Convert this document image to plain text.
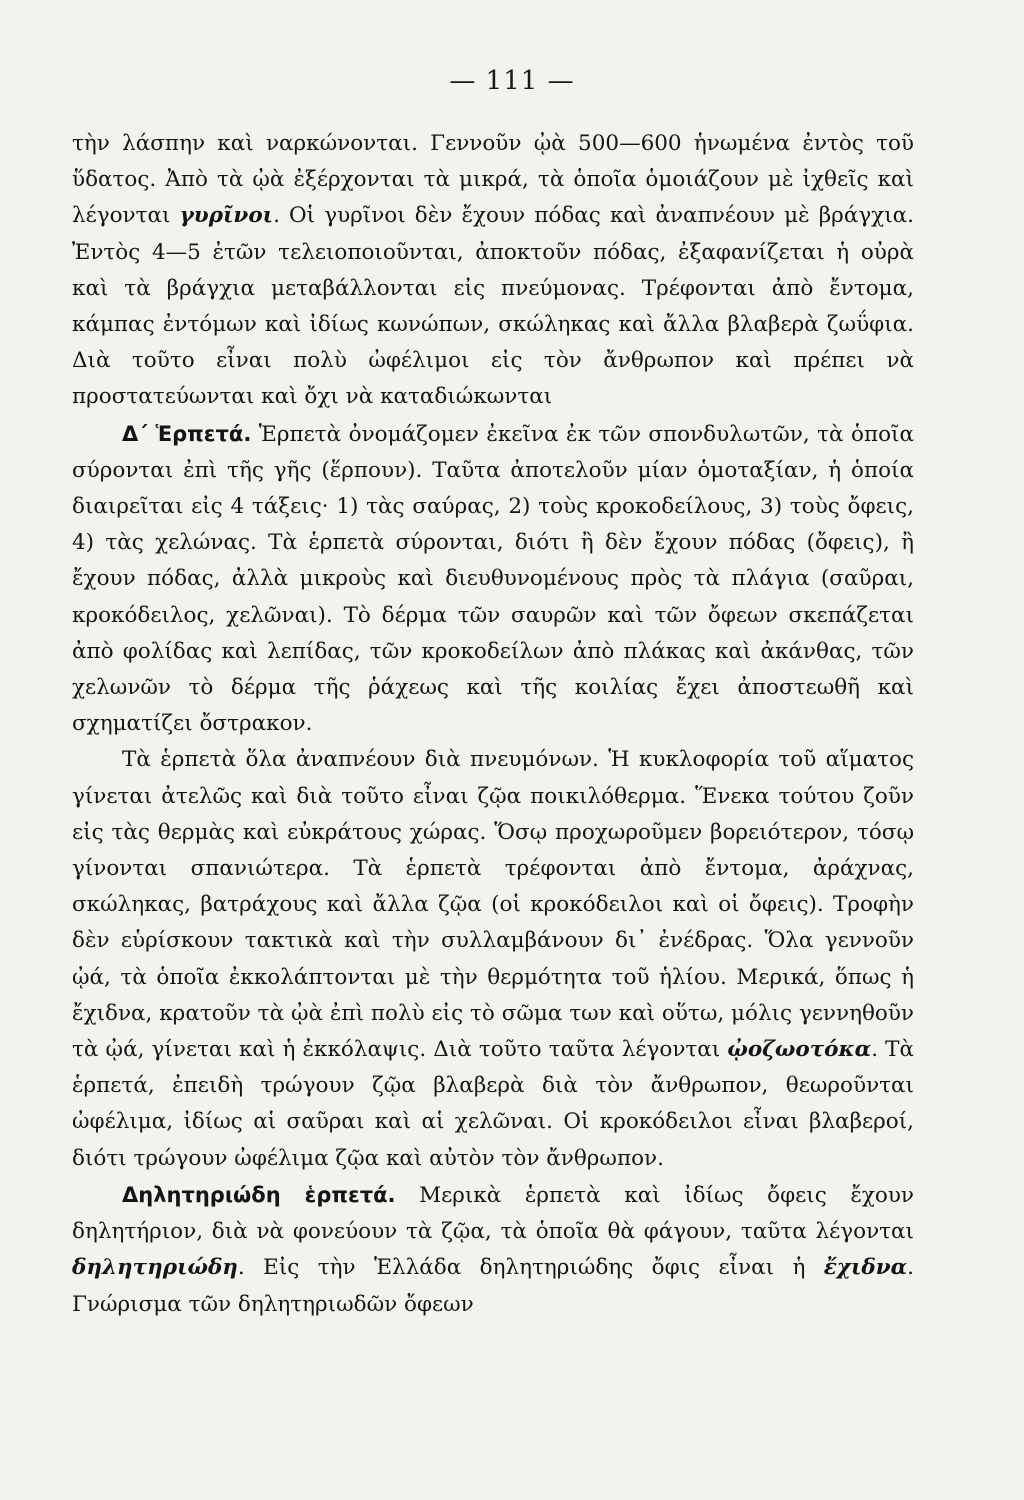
— 111 —

τὴν λάσπην καὶ ναρκώνονται. Γεννοῦν ᾠὰ 500—600 ἡνωμένα ἐντὸς τοῦ ὕδατος. Ἀπὸ τὰ ᾠὰ ἐξέρχονται τὰ μικρά, τὰ ὁποῖα ὁμοιάζουν μὲ ἰχθεῖς καὶ λέγονται γυρῖνοι. Οἱ γυρῖνοι δὲν ἔχουν πόδας καὶ ἀναπνέουν μὲ βράγχια. Ἐντὸς 4—5 ἐτῶν τελειοποιοῦνται, ἀποκτοῦν πόδας, ἐξαφανίζεται ἡ οὐρὰ καὶ τὰ βράγχια μεταβάλλονται εἰς πνεύμονας. Τρέφονται ἀπὸ ἔντομα, κάμπας ἐντόμων καὶ ἰδίως κωνώπων, σκώληκας καὶ ἄλλα βλαβερὰ ζωΰφια. Διὰ τοῦτο εἶναι πολὺ ὠφέλιμοι εἰς τὸν ἄνθρωπον καὶ πρέπει νὰ προστατεύωνται καὶ ὄχι νὰ καταδιώκωνται

Δ΄ Ἑρπετά. Ἑρπετὰ ὀνομάζομεν ἐκεῖνα ἐκ τῶν σπονδυλωτῶν, τὰ ὁποῖα σύρονται ἐπὶ τῆς γῆς (ἕρπουν). Ταῦτα ἀποτελοῦν μίαν ὁμοταξίαν, ἡ ὁποία διαιρεῖται εἰς 4 τάξεις· 1) τὰς σαύρας, 2) τοὺς κροκοδείλους, 3) τοὺς ὄφεις, 4) τὰς χελώνας. Τὰ ἑρπετὰ σύρονται, διότι ἢ δὲν ἔχουν πόδας (ὄφεις), ἢ ἔχουν πόδας, ἀλλὰ μικροὺς καὶ διευθυνομένους πρὸς τὰ πλάγια (σαῦραι, κροκόδειλος, χελῶναι). Τὸ δέρμα τῶν σαυρῶν καὶ τῶν ὄφεων σκεπάζεται ἀπὸ φολίδας καὶ λεπίδας, τῶν κροκοδείλων ἀπὸ πλάκας καὶ ἀκάνθας, τῶν χελωνῶν τὸ δέρμα τῆς ῥάχεως καὶ τῆς κοιλίας ἔχει ἀποστεωθῆ καὶ σχηματίζει ὄστρακον.

Τὰ ἑρπετὰ ὅλα ἀναπνέουν διὰ πνευμόνων. Ἡ κυκλοφορία τοῦ αἵματος γίνεται ἀτελῶς καὶ διὰ τοῦτο εἶναι ζῷα ποικιλόθερμα. Ἕνεκα τούτου ζοῦν εἰς τὰς θερμὰς καὶ εὐκράτους χώρας. Ὅσῳ προχωροῦμεν βορειότερον, τόσῳ γίνονται σπανιώτερα. Τὰ ἑρπετὰ τρέφονται ἀπὸ ἔντομα, ἀράχνας, σκώληκας, βατράχους καὶ ἄλλα ζῷα (οἱ κροκόδειλοι καὶ οἱ ὄφεις). Τροφὴν δὲν εὑρίσκουν τακτικὰ καὶ τὴν συλλαμβάνουν δι᾽ ἐνέδρας. Ὅλα γεννοῦν ᾠά, τὰ ὁποῖα ἐκκολάπτονται μὲ τὴν θερμότητα τοῦ ἡλίου. Μερικά, ὅπως ἡ ἔχιδνα, κρατοῦν τὰ ᾠὰ ἐπὶ πολὺ εἰς τὸ σῶμα των καὶ οὕτω, μόλις γεννηθοῦν τὰ ᾠά, γίνεται καὶ ἡ ἐκκόλαψις. Διὰ τοῦτο ταῦτα λέγονται ᾠοζωοτόκα. Τὰ ἑρπετά, ἐπειδὴ τρώγουν ζῷα βλαβερὰ διὰ τὸν ἄνθρωπον, θεωροῦνται ὠφέλιμα, ἰδίως αἱ σαῦραι καὶ αἱ χελῶναι. Οἱ κροκόδειλοι εἶναι βλαβεροί, διότι τρώγουν ὠφέλιμα ζῷα καὶ αὐτὸν τὸν ἄνθρωπον.

Δηλητηριώδη ἑρπετά. Μερικὰ ἑρπετὰ καὶ ἰδίως ὄφεις ἔχουν δηλητήριον, διὰ νὰ φονεύουν τὰ ζῷα, τὰ ὁποῖα θὰ φάγουν, ταῦτα λέγονται δηλητηριώδη. Εἰς τὴν Ἑλλάδα δηλητηριώδης ὄφις εἶναι ἡ ἔχιδνα. Γνώρισμα τῶν δηλητηριωδῶν ὄφεων
